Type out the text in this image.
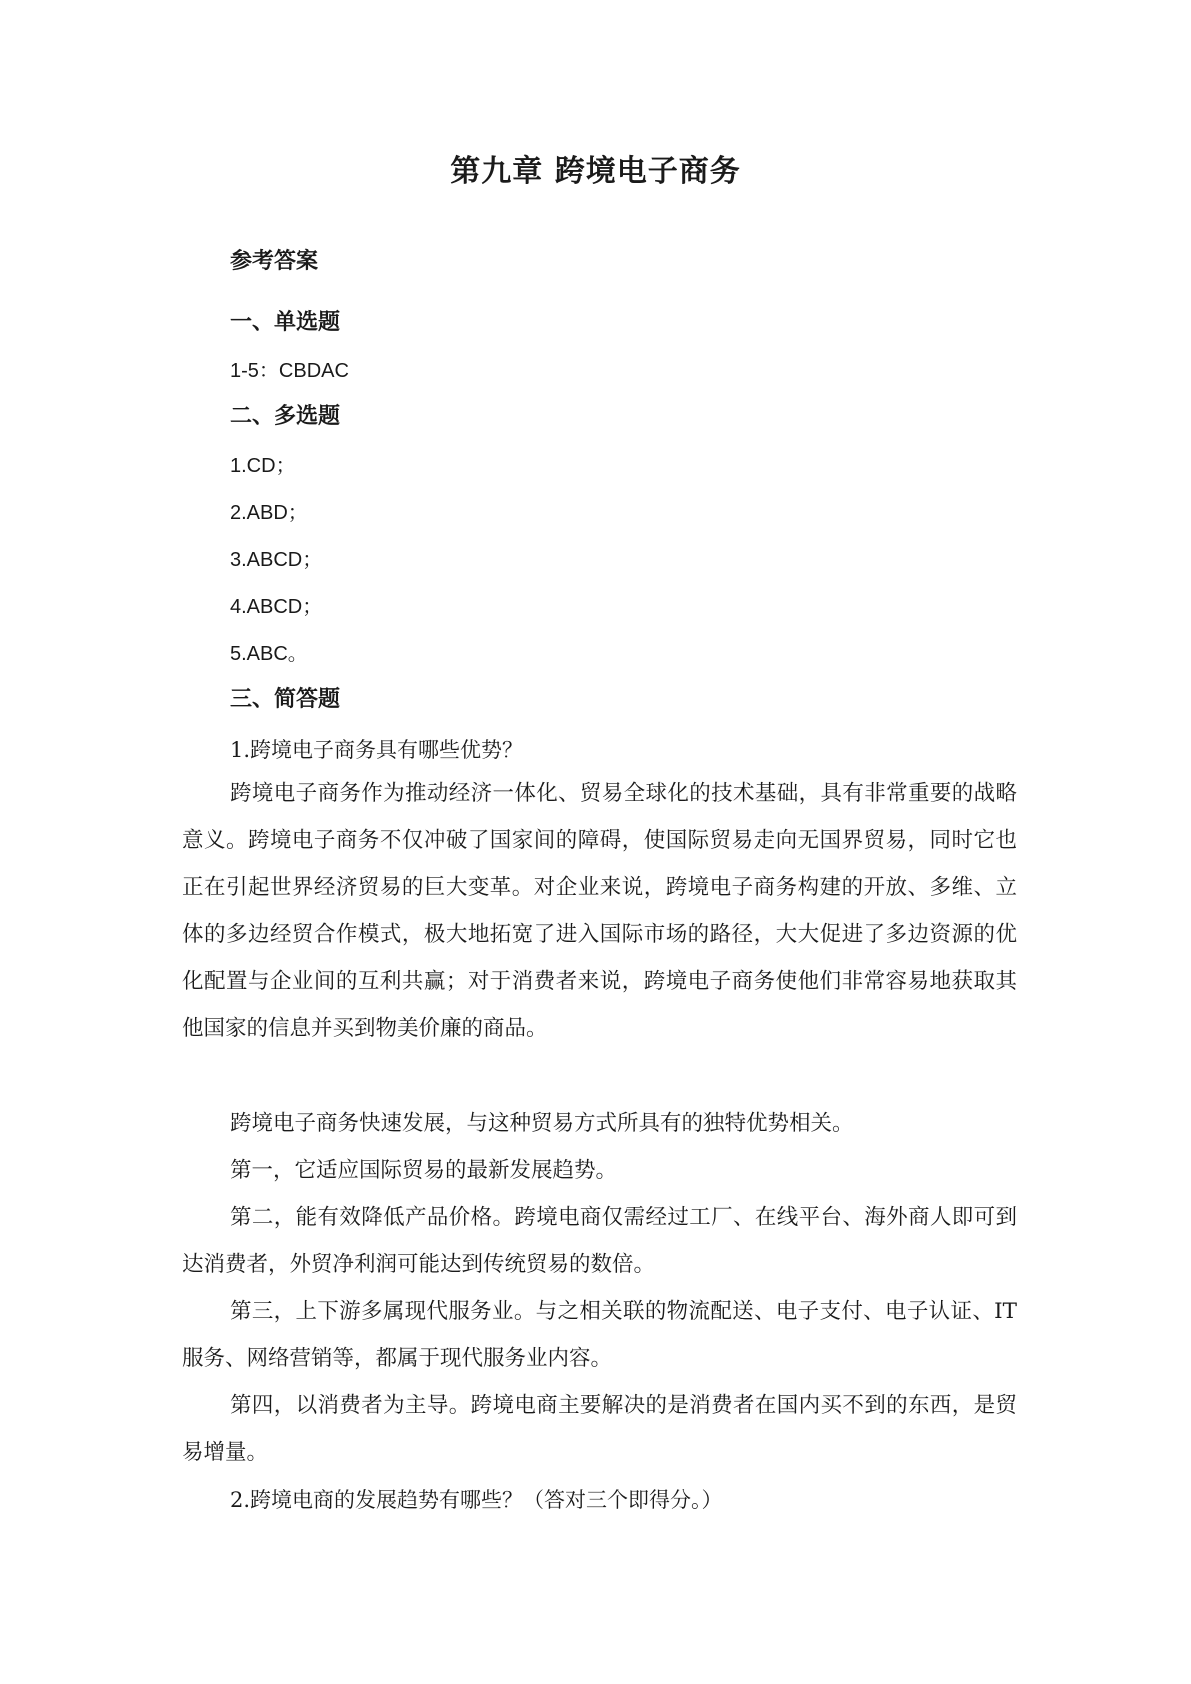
第九章 跨境电子商务
参考答案
一、单选题
1-5：CBDAC
二、多选题
1.CD；
2.ABD；
3.ABCD；
4.ABCD；
5.ABC。
三、简答题
1.跨境电子商务具有哪些优势？

跨境电子商务作为推动经济一体化、贸易全球化的技术基础，具有非常重要的战略意义。跨境电子商务不仅冲破了国家间的障碍，使国际贸易走向无国界贸易，同时它也正在引起世界经济贸易的巨大变革。对企业来说，跨境电子商务构建的开放、多维、立体的多边经贸合作模式，极大地拓宽了进入国际市场的路径，大大促进了多边资源的优化配置与企业间的互利共赢；对于消费者来说，跨境电子商务使他们非常容易地获取其他国家的信息并买到物美价廉的商品。

跨境电子商务快速发展，与这种贸易方式所具有的独特优势相关。

第一，它适应国际贸易的最新发展趋势。

第二，能有效降低产品价格。跨境电商仅需经过工厂、在线平台、海外商人即可到达消费者，外贸净利润可能达到传统贸易的数倍。

第三，上下游多属现代服务业。与之相关联的物流配送、电子支付、电子认证、IT 服务、网络营销等，都属于现代服务业内容。

第四，以消费者为主导。跨境电商主要解决的是消费者在国内买不到的东西，是贸易增量。

2.跨境电商的发展趋势有哪些？（答对三个即得分。）
